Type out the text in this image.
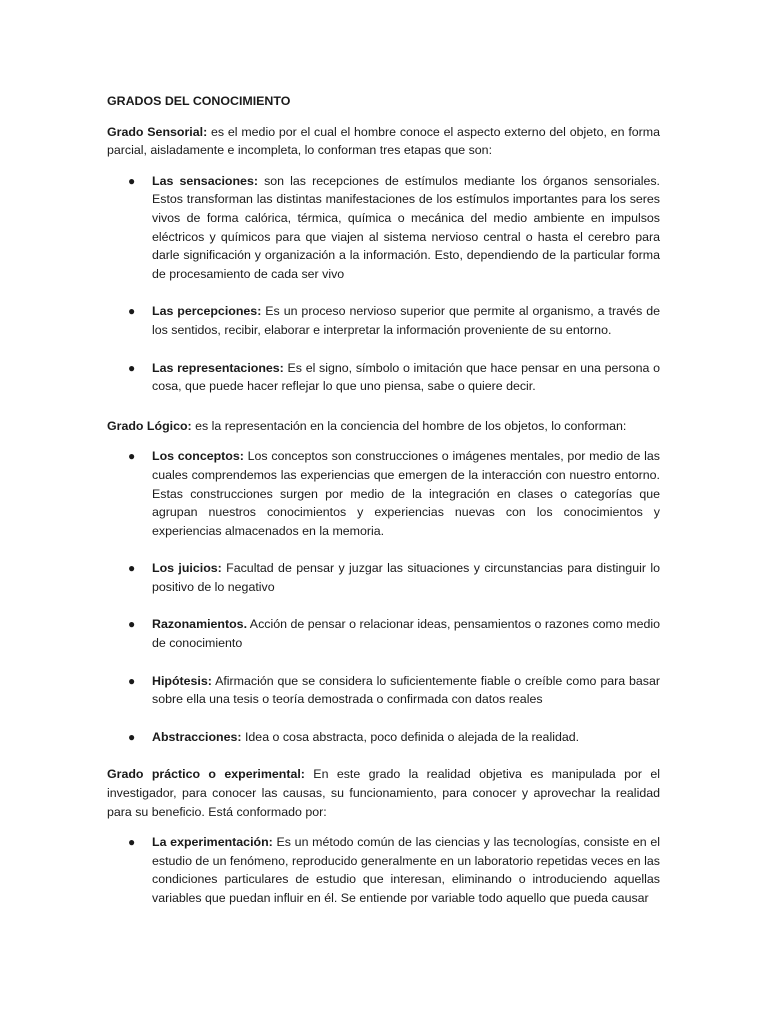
GRADOS DEL CONOCIMIENTO

Grado Sensorial: es el medio por el cual el hombre conoce el aspecto externo del objeto, en forma parcial, aisladamente e incompleta, lo conforman tres etapas que son:

● Las sensaciones: son las recepciones de estímulos mediante los órganos sensoriales. Estos transforman las distintas manifestaciones de los estímulos importantes para los seres vivos de forma calórica, térmica, química o mecánica del medio ambiente en impulsos eléctricos y químicos para que viajen al sistema nervioso central o hasta el cerebro para darle significación y organización a la información. Esto, dependiendo de la particular forma de procesamiento de cada ser vivo
● Las percepciones: Es un proceso nervioso superior que permite al organismo, a través de los sentidos, recibir, elaborar e interpretar la información proveniente de su entorno.
● Las representaciones: Es el signo, símbolo o imitación que hace pensar en una persona o cosa, que puede hacer reflejar lo que uno piensa, sabe o quiere decir.

Grado Lógico: es la representación en la conciencia del hombre de los objetos, lo conforman:

● Los conceptos: Los conceptos son construcciones o imágenes mentales, por medio de las cuales comprendemos las experiencias que emergen de la interacción con nuestro entorno. Estas construcciones surgen por medio de la integración en clases o categorías que agrupan nuestros conocimientos y experiencias nuevas con los conocimientos y experiencias almacenados en la memoria.
● Los juicios: Facultad de pensar y juzgar las situaciones y circunstancias para distinguir lo positivo de lo negativo
● Razonamientos. Acción de pensar o relacionar ideas, pensamientos o razones como medio de conocimiento
● Hipótesis: Afirmación que se considera lo suficientemente fiable o creíble como para basar sobre ella una tesis o teoría demostrada o confirmada con datos reales
● Abstracciones: Idea o cosa abstracta, poco definida o alejada de la realidad.

Grado práctico o experimental: En este grado la realidad objetiva es manipulada por el investigador, para conocer las causas, su funcionamiento, para conocer y aprovechar la realidad para su beneficio. Está conformado por:

● La experimentación: Es un método común de las ciencias y las tecnologías, consiste en el estudio de un fenómeno, reproducido generalmente en un laboratorio repetidas veces en las condiciones particulares de estudio que interesan, eliminando o introduciendo aquellas variables que puedan influir en él. Se entiende por variable todo aquello que pueda causar
